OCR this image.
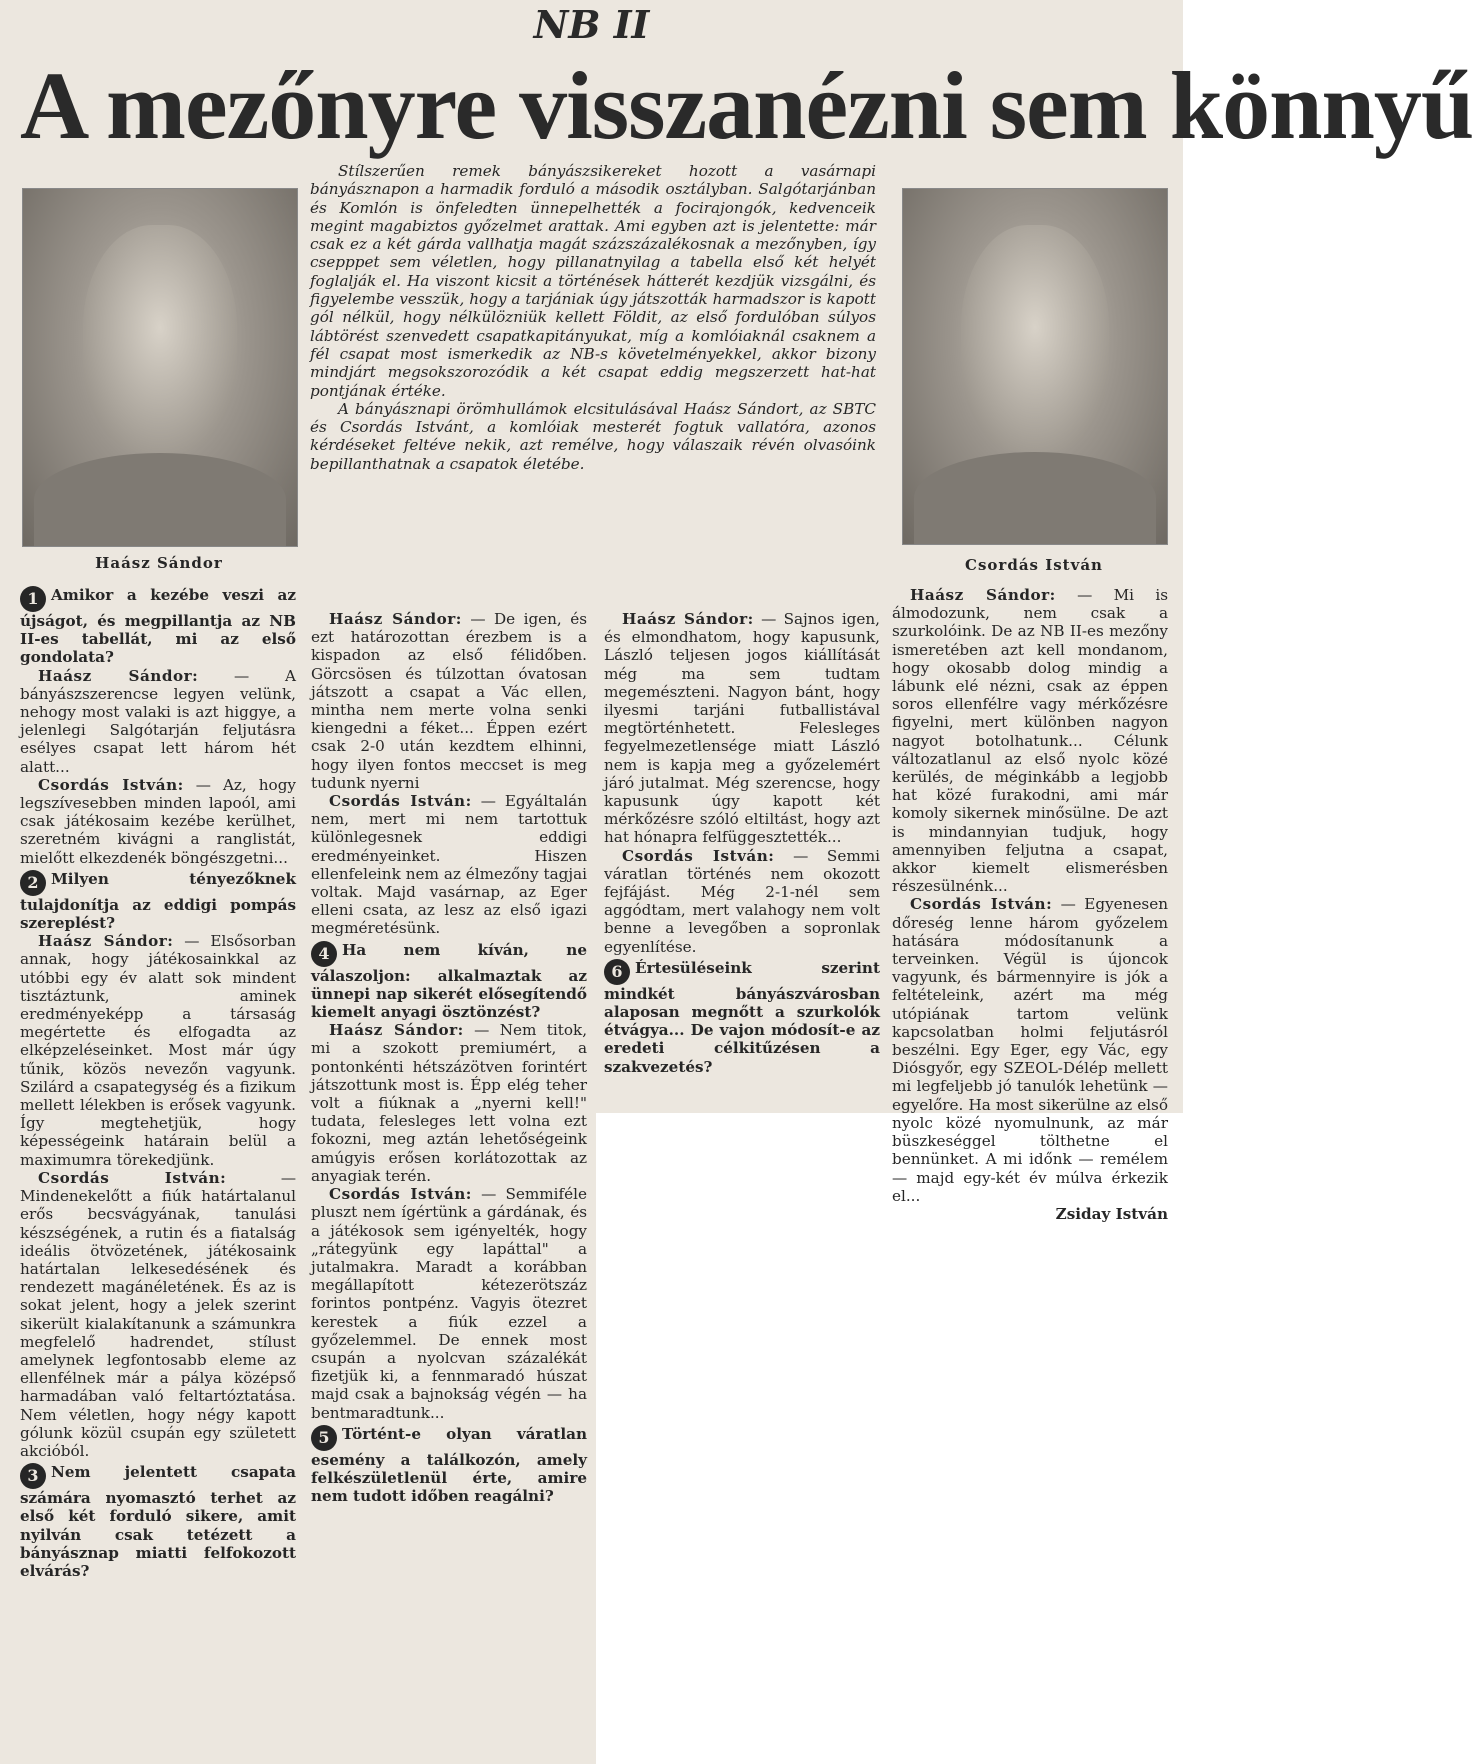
NB II
A mezőnyre visszanézni sem könnyű
Haász Sándor	Csordás István

Stílszerűen remek bányászsikereket hozott a vasárnapi bányásznapon a harmadik forduló a második osztályban. Salgótarjánban és Komlón is önfeledten ünnepelhették a focirajongók, kedvenceik megint magabiztos győzelmet arattak. Ami egyben azt is jelentette: már csak ez a két gárda vallhatja magát százszázalékosnak a mezőnyben, így csepppet sem véletlen, hogy pillanatnyilag a tabella első két helyét foglalják el. Ha viszont kicsit a történések hátterét kezdjük vizsgálni, és figyelembe vesszük, hogy a tarjániak úgy játszották harmadszor is kapott gól nélkül, hogy nélkülözniük kellett Földit, az első fordulóban súlyos lábtörést szenvedett csapatkapitányukat, míg a komlóiaknál csaknem a fél csapat most ismerkedik az NB-s követelményekkel, akkor bizony mindjárt megsokszorozódik a két csapat eddig megszerzett hat-hat pontjának értéke.

A bányásznapi örömhullámok elcsitulásával Haász Sándort, az SBTC és Csordás Istvánt, a komlóiak mesterét fogtuk vallatóra, azonos kérdéseket feltéve nekik, azt remélve, hogy válaszaik révén olvasóink bepillanthatnak a csapatok életébe.

1 Amikor a kezébe veszi az újságot, és megpillantja az NB II-es tabellát, mi az első gondolata?

Haász Sándor: — A bányászszerencse legyen velünk, nehogy most valaki is azt higgye, a jelenlegi Salgótarján feljutásra esélyes csapat lett három hét alatt...

Csordás István: — Az, hogy legszívesebben minden lapoól, ami csak játékosaim kezébe kerülhet, szeretném kivágni a ranglistát, mielőtt elkezdenék böngészgetni...

2 Milyen tényezőknek tulajdonítja az eddigi pompás szereplést?

Haász Sándor: — Elsősorban annak, hogy játékosainkkal az utóbbi egy év alatt sok mindent tisztáztunk, aminek eredményeképp a társaság megértette és elfogadta az elképzeléseinket. Most már úgy tűnik, közös nevezőn vagyunk. Szilárd a csapategység és a fizikum mellett lélekben is erősek vagyunk. Így megtehetjük, hogy képességeink határain belül a maximumra törekedjünk.

Csordás István:	— Mindenekelőtt a fiúk határtalanul erős becsvágyának, tanulási készségének, a rutin és a fiatalság ideális ötvözetének, játékosaink határtalan lelkesedésének és rendezett magánéletének. És az is sokat jelent, hogy a jelek szerint sikerült kialakítanunk a számunkra megfelelő hadrendet, stílust amelynek legfontosabb eleme az ellenfélnek már a pálya középső harmadában való feltartóztatása. Nem véletlen, hogy négy kapott gólunk közül csupán egy született akcióból.

3 Nem jelentett csapata számára nyomasztó terhet az első két forduló sikere, amit nyilván csak tetézett a bányásznap miatti felfokozott elvárás?

Haász Sándor: — De igen, és ezt határozottan érezbem is a kispadon az első félidőben. Görcsösen és túlzottan óvatosan játszott a csapat a Vác ellen, mintha nem merte volna senki kiengedni a féket... Éppen ezért csak 2-0 után kezdtem elhinni, hogy ilyen fontos meccset is meg tudunk nyerni

Csordás István: — Egyáltalán nem, mert mi nem tartottuk különlegesnek eddigi eredményeinket. Hiszen ellenfeleink nem az élmezőny tagjai voltak. Majd vasárnap, az Eger elleni csata, az lesz az első igazi megméretésünk.

4 Ha nem kíván, ne válaszoljon: alkalmaztak az ünnepi nap sikerét elősegítendő kiemelt anyagi ösztönzést?

Haász Sándor: — Nem titok, mi a szokott premiumért, a pontonkénti hétszázötven forintért játszottunk most is. Épp elég teher volt a fiúknak a „nyerni kell!" tudata, felesleges lett volna ezt fokozni, meg aztán lehetőségeink amúgyis erősen korlátozottak az anyagiak terén.

Csordás István: — Semmiféle pluszt nem ígértünk a gárdának, és a játékosok sem igényelték, hogy „rátegyünk egy lapáttal" a jutalmakra. Maradt a korábban megállapított kétezerötszáz forintos pontpénz. Vagyis ötezret kerestek a fiúk ezzel a győzelemmel. De ennek most csupán a nyolcvan százalékát fizetjük ki, a fennmaradó húszat majd csak a bajnokság végén — ha bentmaradtunk...

5 Történt-e olyan váratlan esemény a találkozón, amely felkészületlenül érte, amire nem tudott időben reagálni?

Haász Sándor: — Sajnos igen, és elmondhatom, hogy kapusunk, László teljesen jogos kiállítását még ma sem tudtam megemészteni. Nagyon bánt, hogy ilyesmi tarjáni futballistával megtörténhetett. Felesleges fegyelmezetlensége miatt László nem is kapja meg a győzelemért járó jutalmat. Még szerencse, hogy kapusunk úgy kapott két mérkőzésre szóló eltiltást, hogy azt hat hónapra felfüggesztették...

Csordás István: — Semmi váratlan történés nem okozott fejfájást. Még 2-1-nél sem aggódtam, mert valahogy nem volt benne a levegőben a sopronlak egyenlítése.

6 Értesüléseink szerint mindkét bányászvárosban alaposan megnőtt a szurkolók étvágya... De vajon módosít-e az eredeti célkitűzésen a szakvezetés?

Haász Sándor: — Mi is álmodozunk, nem csak a szurkolóink. De az NB II-es mezőny ismeretében azt kell mondanom, hogy okosabb dolog mindig a lábunk elé nézni, csak az éppen soros ellenfélre vagy mérkőzésre figyelni, mert különben nagyon nagyot botolhatunk... Célunk változatlanul az első nyolc közé kerülés, de méginkább a legjobb hat közé furakodni, ami már komoly sikernek minősülne. De azt is mindannyian tudjuk, hogy amennyiben feljutna a csapat, akkor kiemelt elismerésben részesülnénk...

Csordás István: — Egyenesen dőreség lenne három győzelem hatására módosítanunk a terveinken. Végül is újoncok vagyunk, és bármennyire is jók a feltételeink, azért ma még utópiának tartom velünk kapcsolatban holmi feljutásról beszélni. Egy Eger, egy Vác, egy Diósgyőr, egy SZEOL-Délép mellett mi legfeljebb jó tanulók lehetünk — egyelőre. Ha most sikerülne az első nyolc közé nyomulnunk, az már büszkeséggel tölthetne el bennünket. A mi időnk — remélem — majd egy-két év múlva érkezik el...

Zsiday István
